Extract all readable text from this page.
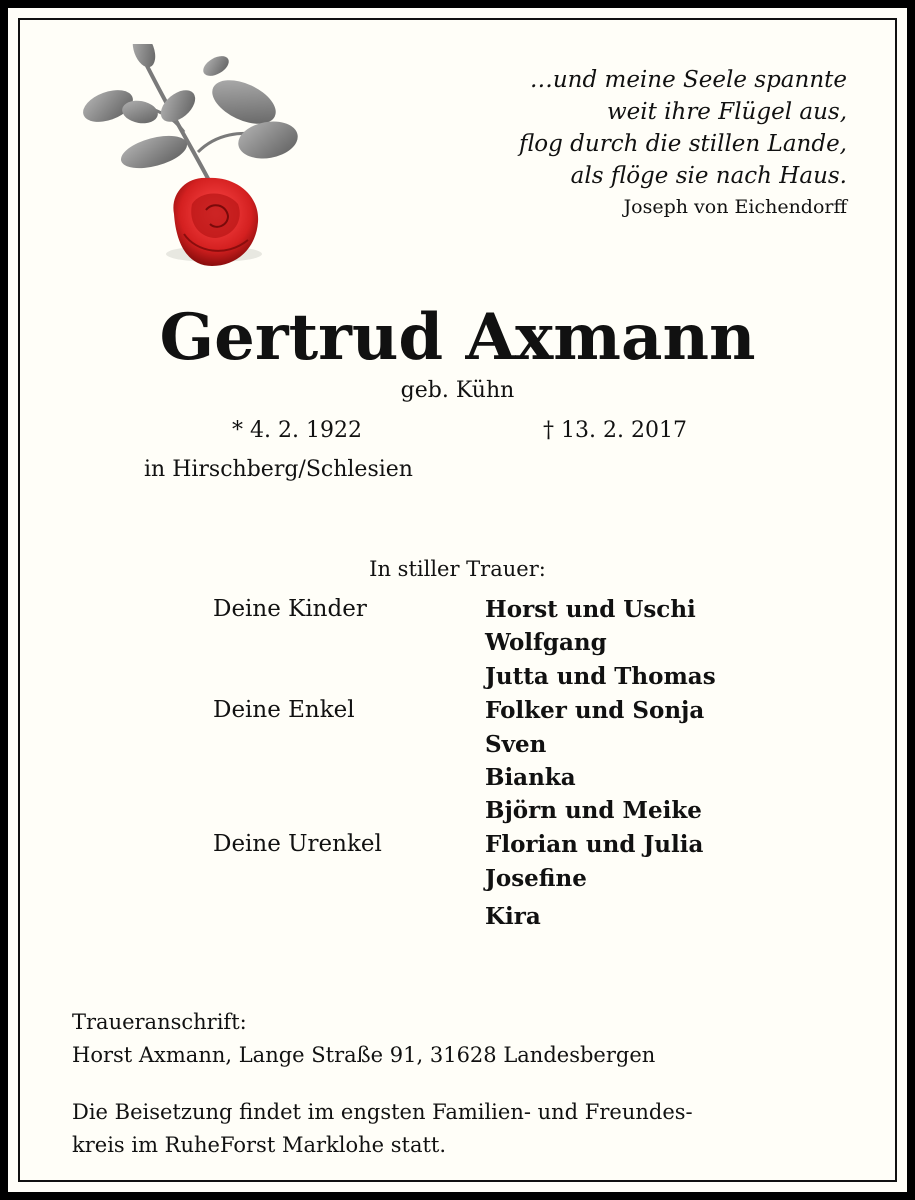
…und meine Seele spannte
weit ihre Flügel aus,
flog durch die stillen Lande,
als flöge sie nach Haus.
Joseph von Eichendorff
Gertrud Axmann
geb. Kühn
* 4. 2. 1922	† 13. 2. 2017
in Hirschberg/Schlesien
In stiller Trauer:
Deine Kinder	Horst und Uschi
Wolfgang
Jutta und Thomas
Deine Enkel	Folker und Sonja
Sven
Bianka
Björn und Meike
Deine Urenkel	Florian und Julia
Josefine
Kira
Traueranschrift:
Horst Axmann, Lange Straße 91, 31628 Landesbergen
Die Beisetzung findet im engsten Familien- und Freundes-
kreis im RuheForst Marklohe statt.
